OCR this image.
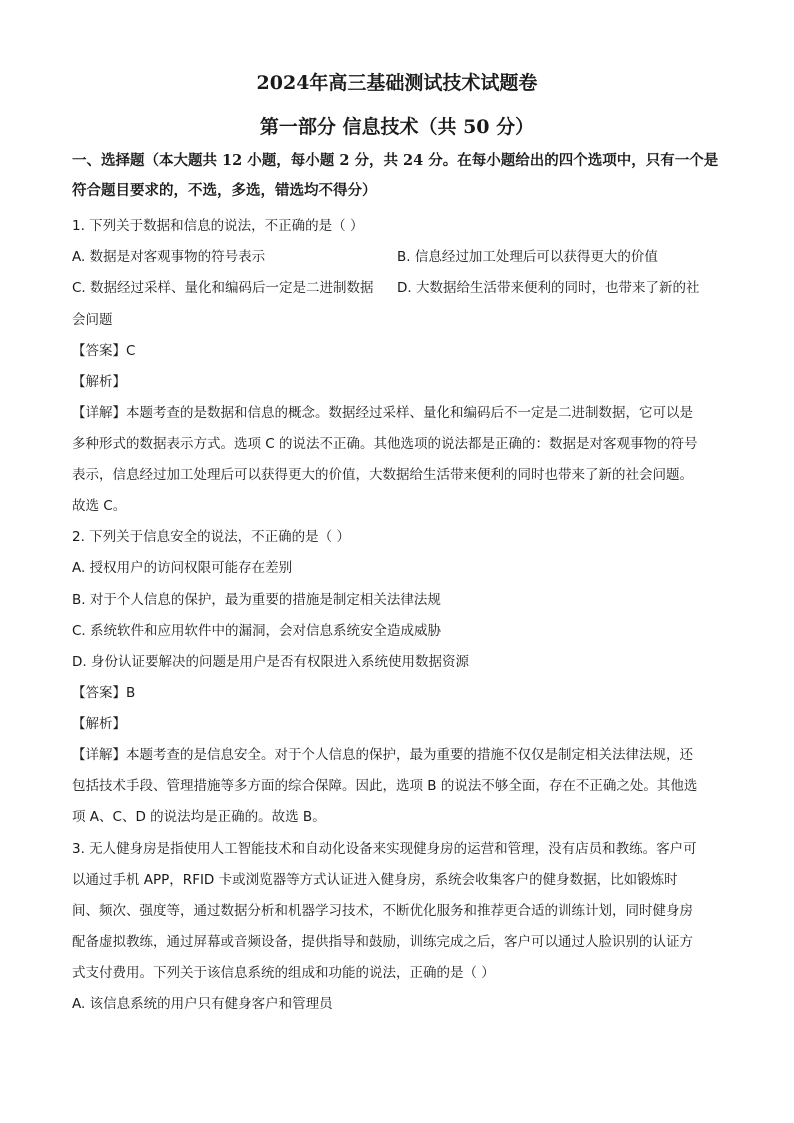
2024年高三基础测试技术试题卷
第一部分 信息技术（共 50 分）
一、选择题（本大题共 12 小题，每小题 2 分，共 24 分。在每小题给出的四个选项中，只有一个是符合题目要求的，不选，多选，错选均不得分）
1. 下列关于数据和信息的说法，不正确的是（ ）
A. 数据是对客观事物的符号表示	B. 信息经过加工处理后可以获得更大的价值
C. 数据经过采样、量化和编码后一定是二进制数据 D. 大数据给生活带来便利的同时，也带来了新的社
会问题
【答案】C
【解析】
【详解】本题考查的是数据和信息的概念。数据经过采样、量化和编码后不一定是二进制数据，它可以是
多种形式的数据表示方式。选项 C 的说法不正确。其他选项的说法都是正确的：数据是对客观事物的符号
表示，信息经过加工处理后可以获得更大的价值，大数据给生活带来便利的同时也带来了新的社会问题。
故选 C。
2. 下列关于信息安全的说法，不正确的是（ ）
A. 授权用户的访问权限可能存在差别
B. 对于个人信息的保护，最为重要的措施是制定相关法律法规
C. 系统软件和应用软件中的漏洞，会对信息系统安全造成威胁
D. 身份认证要解决的问题是用户是否有权限进入系统使用数据资源
【答案】B
【解析】
【详解】本题考查的是信息安全。对于个人信息的保护，最为重要的措施不仅仅是制定相关法律法规，还
包括技术手段、管理措施等多方面的综合保障。因此，选项 B 的说法不够全面，存在不正确之处。其他选
项 A、C、D 的说法均是正确的。故选 B。
3. 无人健身房是指使用人工智能技术和自动化设备来实现健身房的运营和管理，没有店员和教练。客户可
以通过手机 APP，RFID 卡或浏览器等方式认证进入健身房，系统会收集客户的健身数据，比如锻炼时
间、频次、强度等，通过数据分析和机器学习技术，不断优化服务和推荐更合适的训练计划，同时健身房
配备虚拟教练，通过屏幕或音频设备，提供指导和鼓励，训练完成之后，客户可以通过人脸识别的认证方
式支付费用。下列关于该信息系统的组成和功能的说法，正确的是（ ）
A. 该信息系统的用户只有健身客户和管理员
